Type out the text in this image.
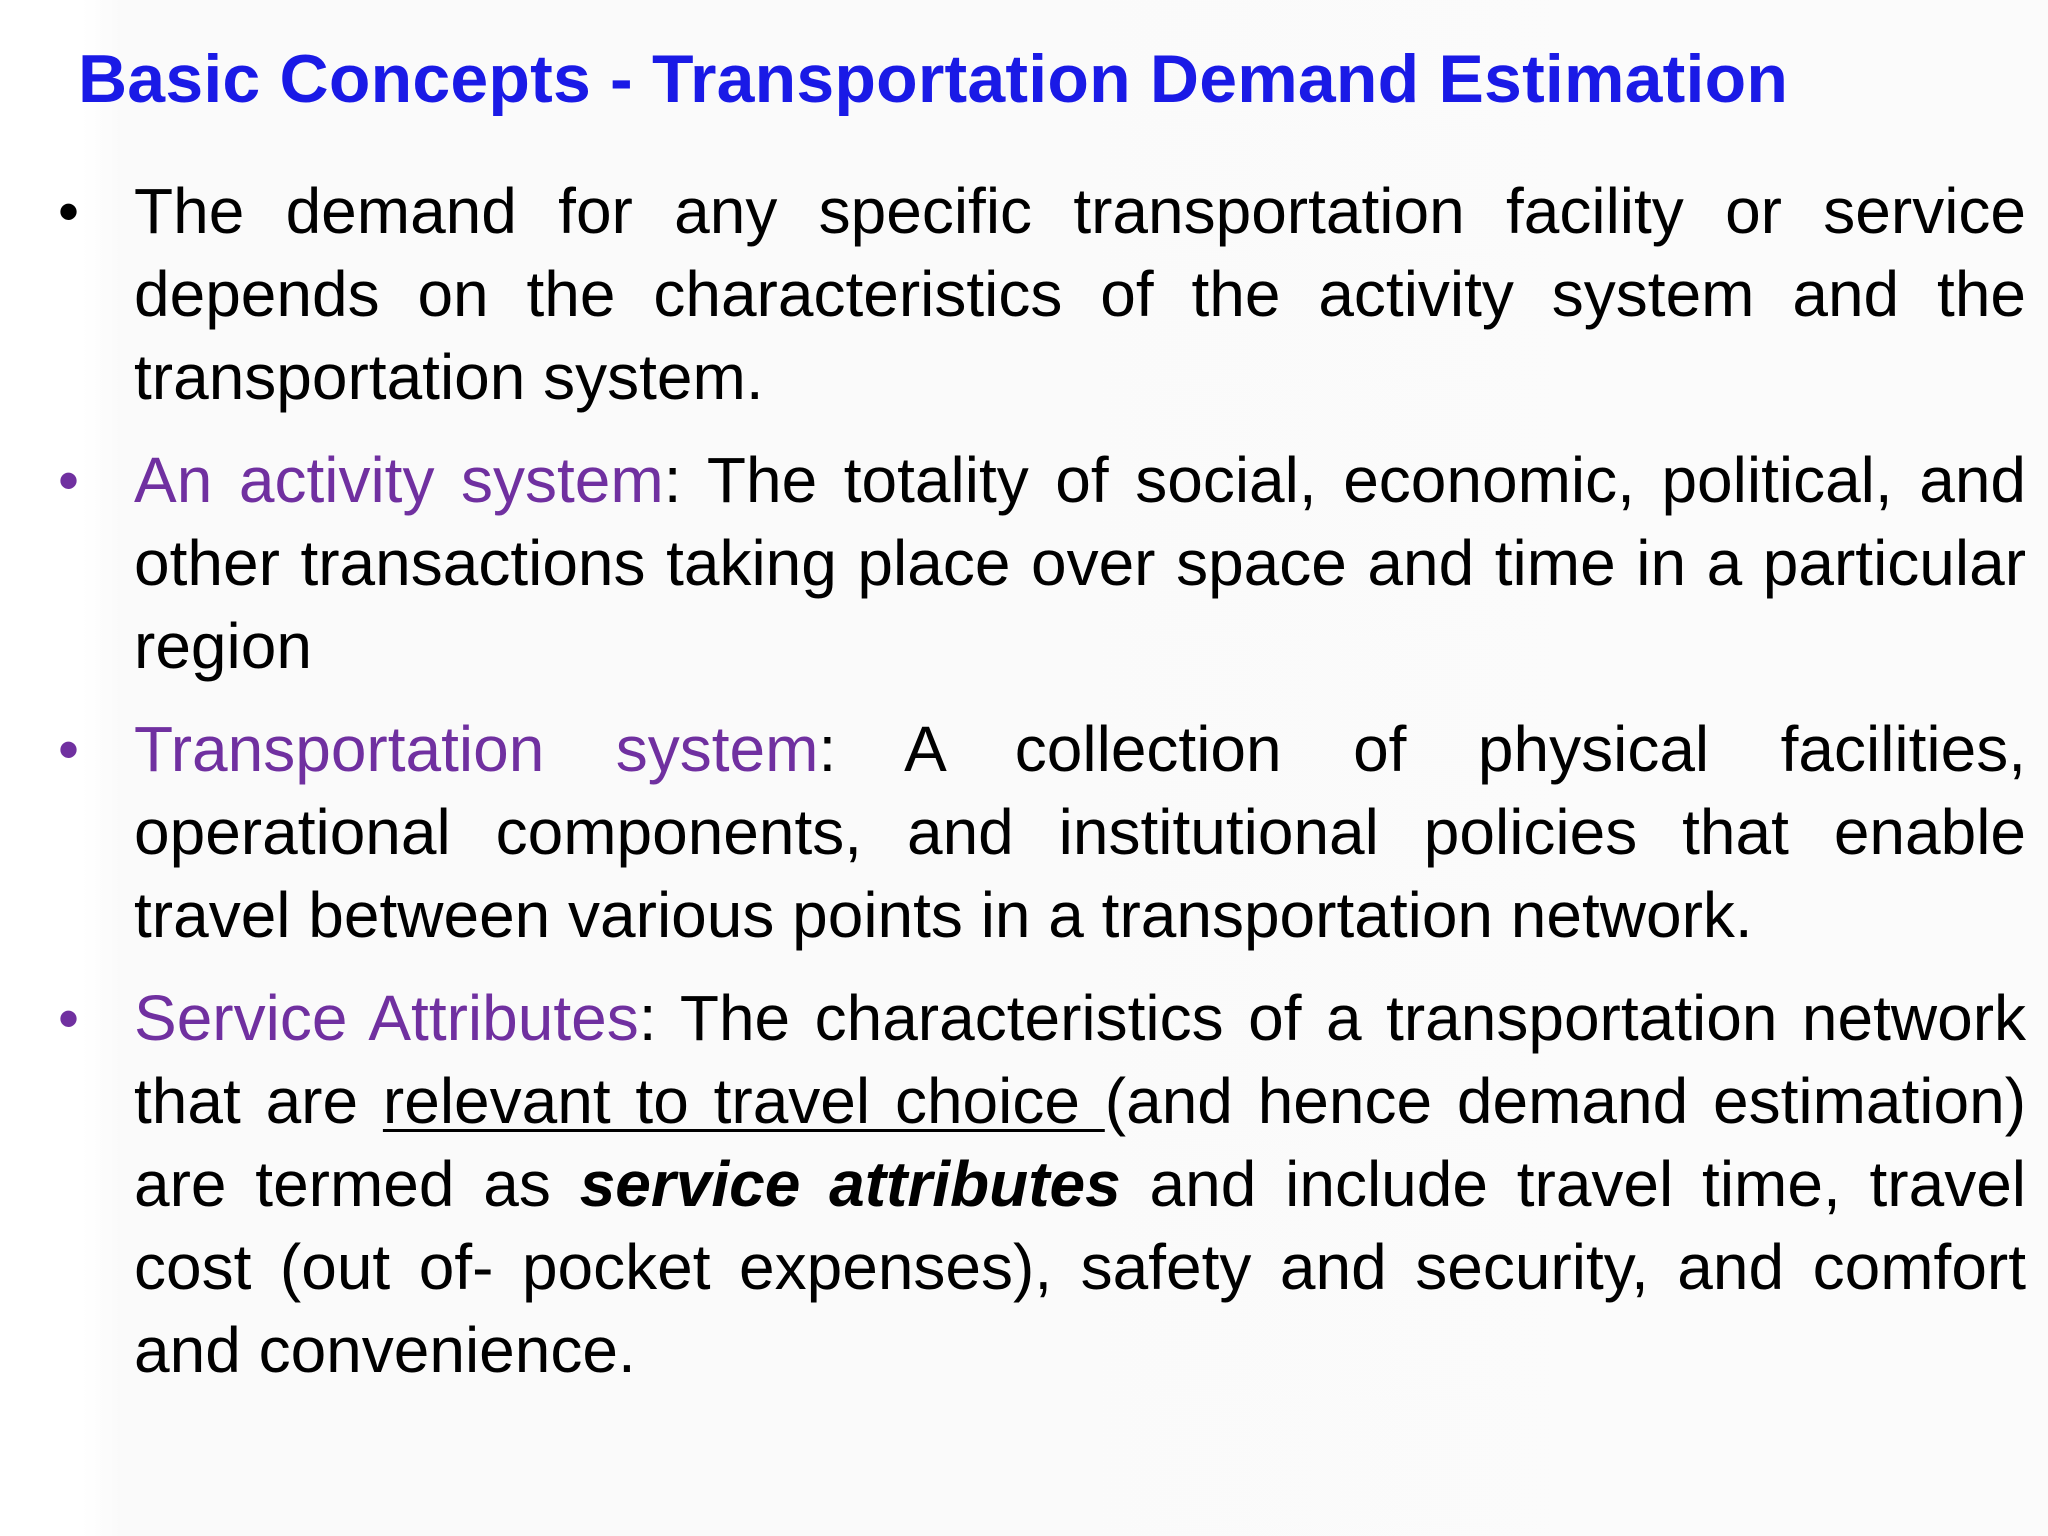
Basic Concepts - Transportation Demand Estimation
• The demand for any specific transportation facility or service depends on the characteristics of the activity system and the transportation system.
• An activity system: The totality of social, economic, political, and other transactions taking place over space and time in a particular region
• Transportation system: A collection of physical facilities, operational components, and institutional policies that enable travel between various points in a transportation network.
• Service Attributes: The characteristics of a transportation network that are relevant to travel choice (and hence demand estimation) are termed as service attributes and include travel time, travel cost (out of- pocket expenses), safety and security, and comfort and convenience.
